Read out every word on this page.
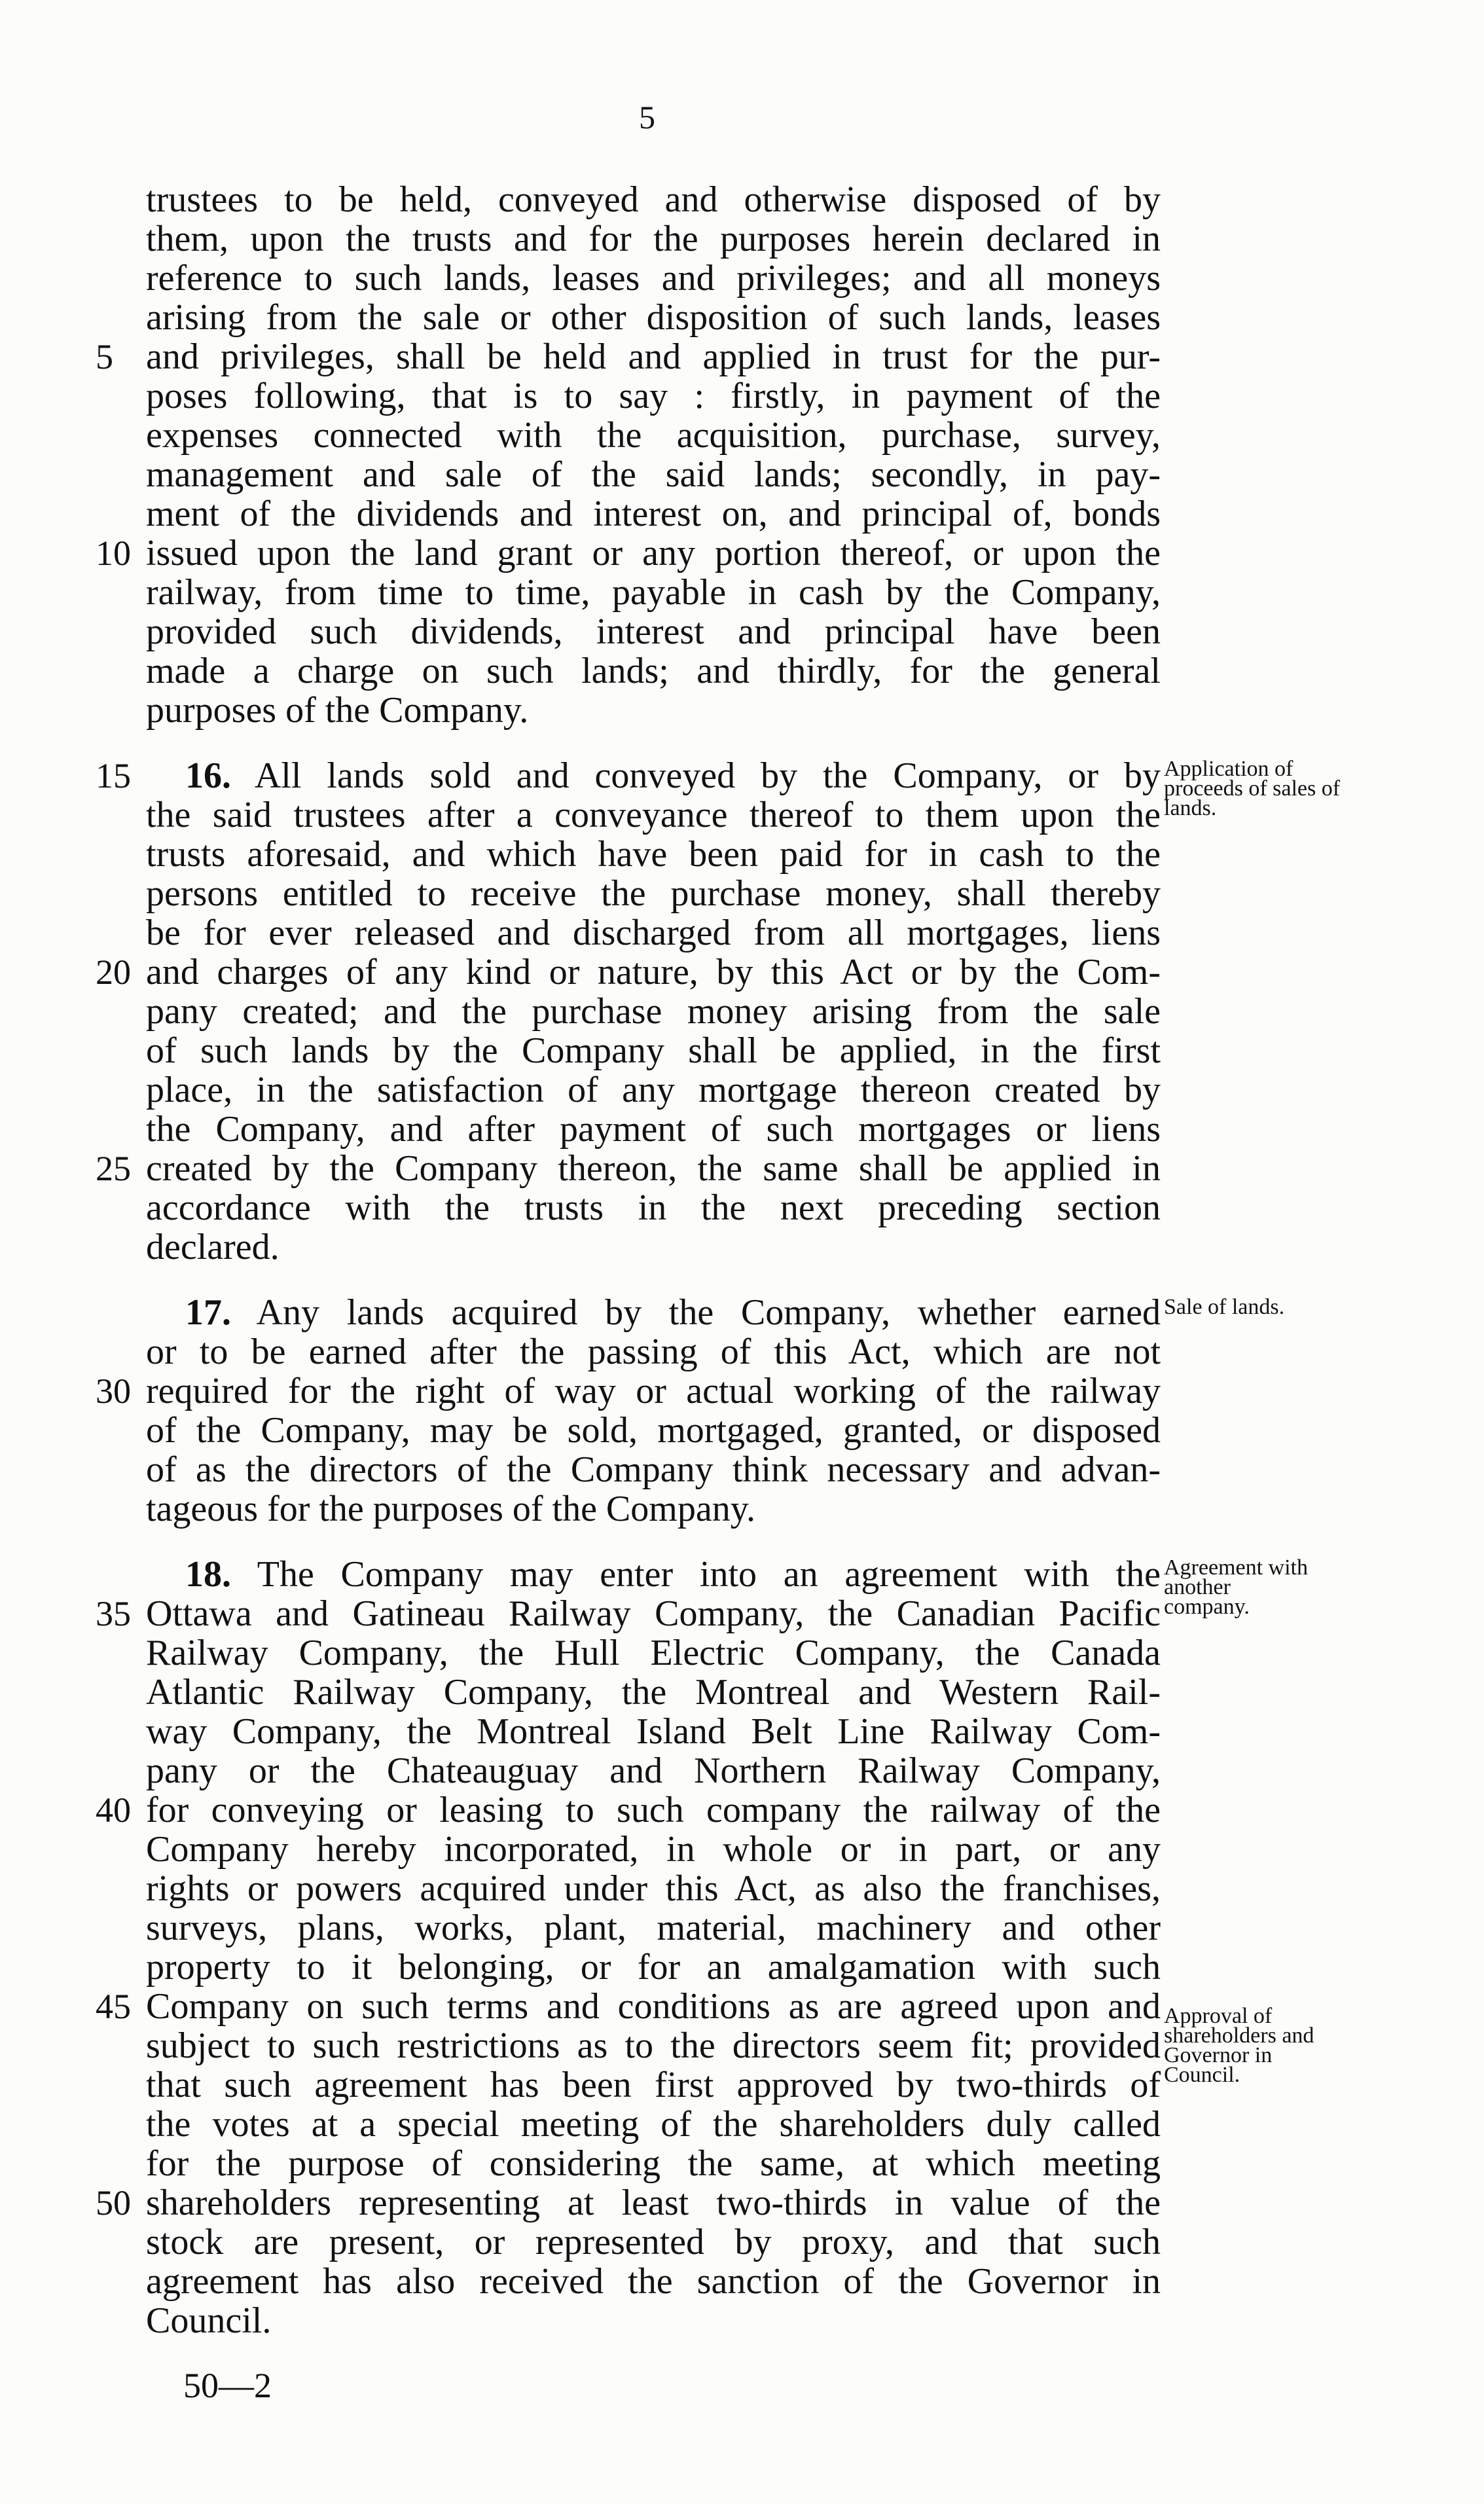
5
trustees to be held, conveyed and otherwise disposed of by
them, upon the trusts and for the purposes herein declared in
reference to such lands, leases and privileges; and all moneys
arising from the sale or other disposition of such lands, leases
and privileges, shall be held and applied in trust for the pur-
poses following, that is to say : firstly, in payment of the
expenses connected with the acquisition, purchase, survey,
management and sale of the said lands; secondly, in pay-
ment of the dividends and interest on, and principal of, bonds
issued upon the land grant or any portion thereof, or upon the
railway, from time to time, payable in cash by the Company,
provided such dividends, interest and principal have been
made a charge on such lands; and thirdly, for the general
purposes of the Company.
16. All lands sold and conveyed by the Company, or by
the said trustees after a conveyance thereof to them upon the
trusts aforesaid, and which have been paid for in cash to the
persons entitled to receive the purchase money, shall thereby
be for ever released and discharged from all mortgages, liens
and charges of any kind or nature, by this Act or by the Com-
pany created; and the purchase money arising from the sale
of such lands by the Company shall be applied, in the first
place, in the satisfaction of any mortgage thereon created by
the Company, and after payment of such mortgages or liens
created by the Company thereon, the same shall be applied in
accordance with the trusts in the next preceding section
declared.
17. Any lands acquired by the Company, whether earned
or to be earned after the passing of this Act, which are not
required for the right of way or actual working of the railway
of the Company, may be sold, mortgaged, granted, or disposed
of as the directors of the Company think necessary and advan-
tageous for the purposes of the Company.
18. The Company may enter into an agreement with the
Ottawa and Gatineau Railway Company, the Canadian Pacific
Railway Company, the Hull Electric Company, the Canada
Atlantic Railway Company, the Montreal and Western Rail-
way Company, the Montreal Island Belt Line Railway Com-
pany or the Chateauguay and Northern Railway Company,
for conveying or leasing to such company the railway of the
Company hereby incorporated, in whole or in part, or any
rights or powers acquired under this Act, as also the franchises,
surveys, plans, works, plant, material, machinery and other
property to it belonging, or for an amalgamation with such
Company on such terms and conditions as are agreed upon and
subject to such restrictions as to the directors seem fit; provided
that such agreement has been first approved by two-thirds of
the votes at a special meeting of the shareholders duly called
for the purpose of considering the same, at which meeting
shareholders representing at least two-thirds in value of the
stock are present, or represented by proxy, and that such
agreement has also received the sanction of the Governor in
Council.
5
10
15
20
25
30
35
40
45
50
Application of proceeds of sales of lands.
Sale of lands.
Agreement with another company.
Approval of shareholders and Governor in Council.
50—2
